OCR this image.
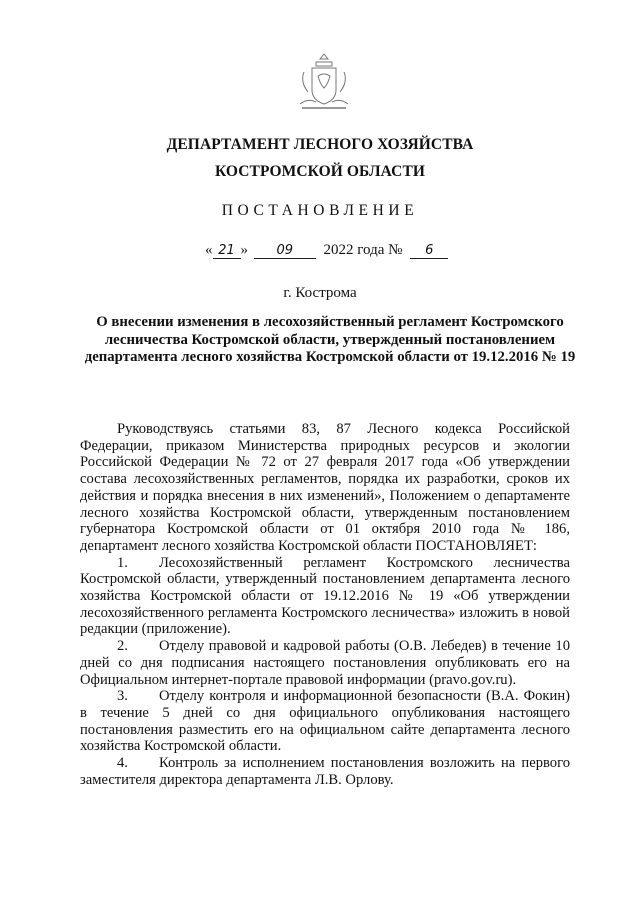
ДЕПАРТАМЕНТ ЛЕСНОГО ХОЗЯЙСТВА
КОСТРОМСКОЙ ОБЛАСТИ
ПОСТАНОВЛЕНИЕ
« 21 » 09 2022 года № 6
г. Кострома
О внесении изменения в лесохозяйственный регламент Костромского лесничества Костромской области, утвержденный постановлением департамента лесного хозяйства Костромской области от 19.12.2016 № 19

Руководствуясь статьями 83, 87 Лесного кодекса Российской Федерации, приказом Министерства природных ресурсов и экологии Российской Федерации № 72 от 27 февраля 2017 года «Об утверждении состава лесохозяйственных регламентов, порядка их разработки, сроков их действия и порядка внесения в них изменений», Положением о департаменте лесного хозяйства Костромской области, утвержденным постановлением губернатора Костромской области от 01 октября 2010 года № 186, департамент лесного хозяйства Костромской области ПОСТАНОВЛЯЕТ:

1. Лесохозяйственный регламент Костромского лесничества Костромской области, утвержденный постановлением департамента лесного хозяйства Костромской области от 19.12.2016 № 19 «Об утверждении лесохозяйственного регламента Костромского лесничества» изложить в новой редакции (приложение).

2. Отделу правовой и кадровой работы (О.В. Лебедев) в течение 10 дней со дня подписания настоящего постановления опубликовать его на Официальном интернет-портале правовой информации (pravo.gov.ru).

3. Отделу контроля и информационной безопасности (В.А. Фокин) в течение 5 дней со дня официального опубликования настоящего постановления разместить его на официальном сайте департамента лесного хозяйства Костромской области.

4. Контроль за исполнением постановления возложить на первого заместителя директора департамента Л.В. Орлову.
